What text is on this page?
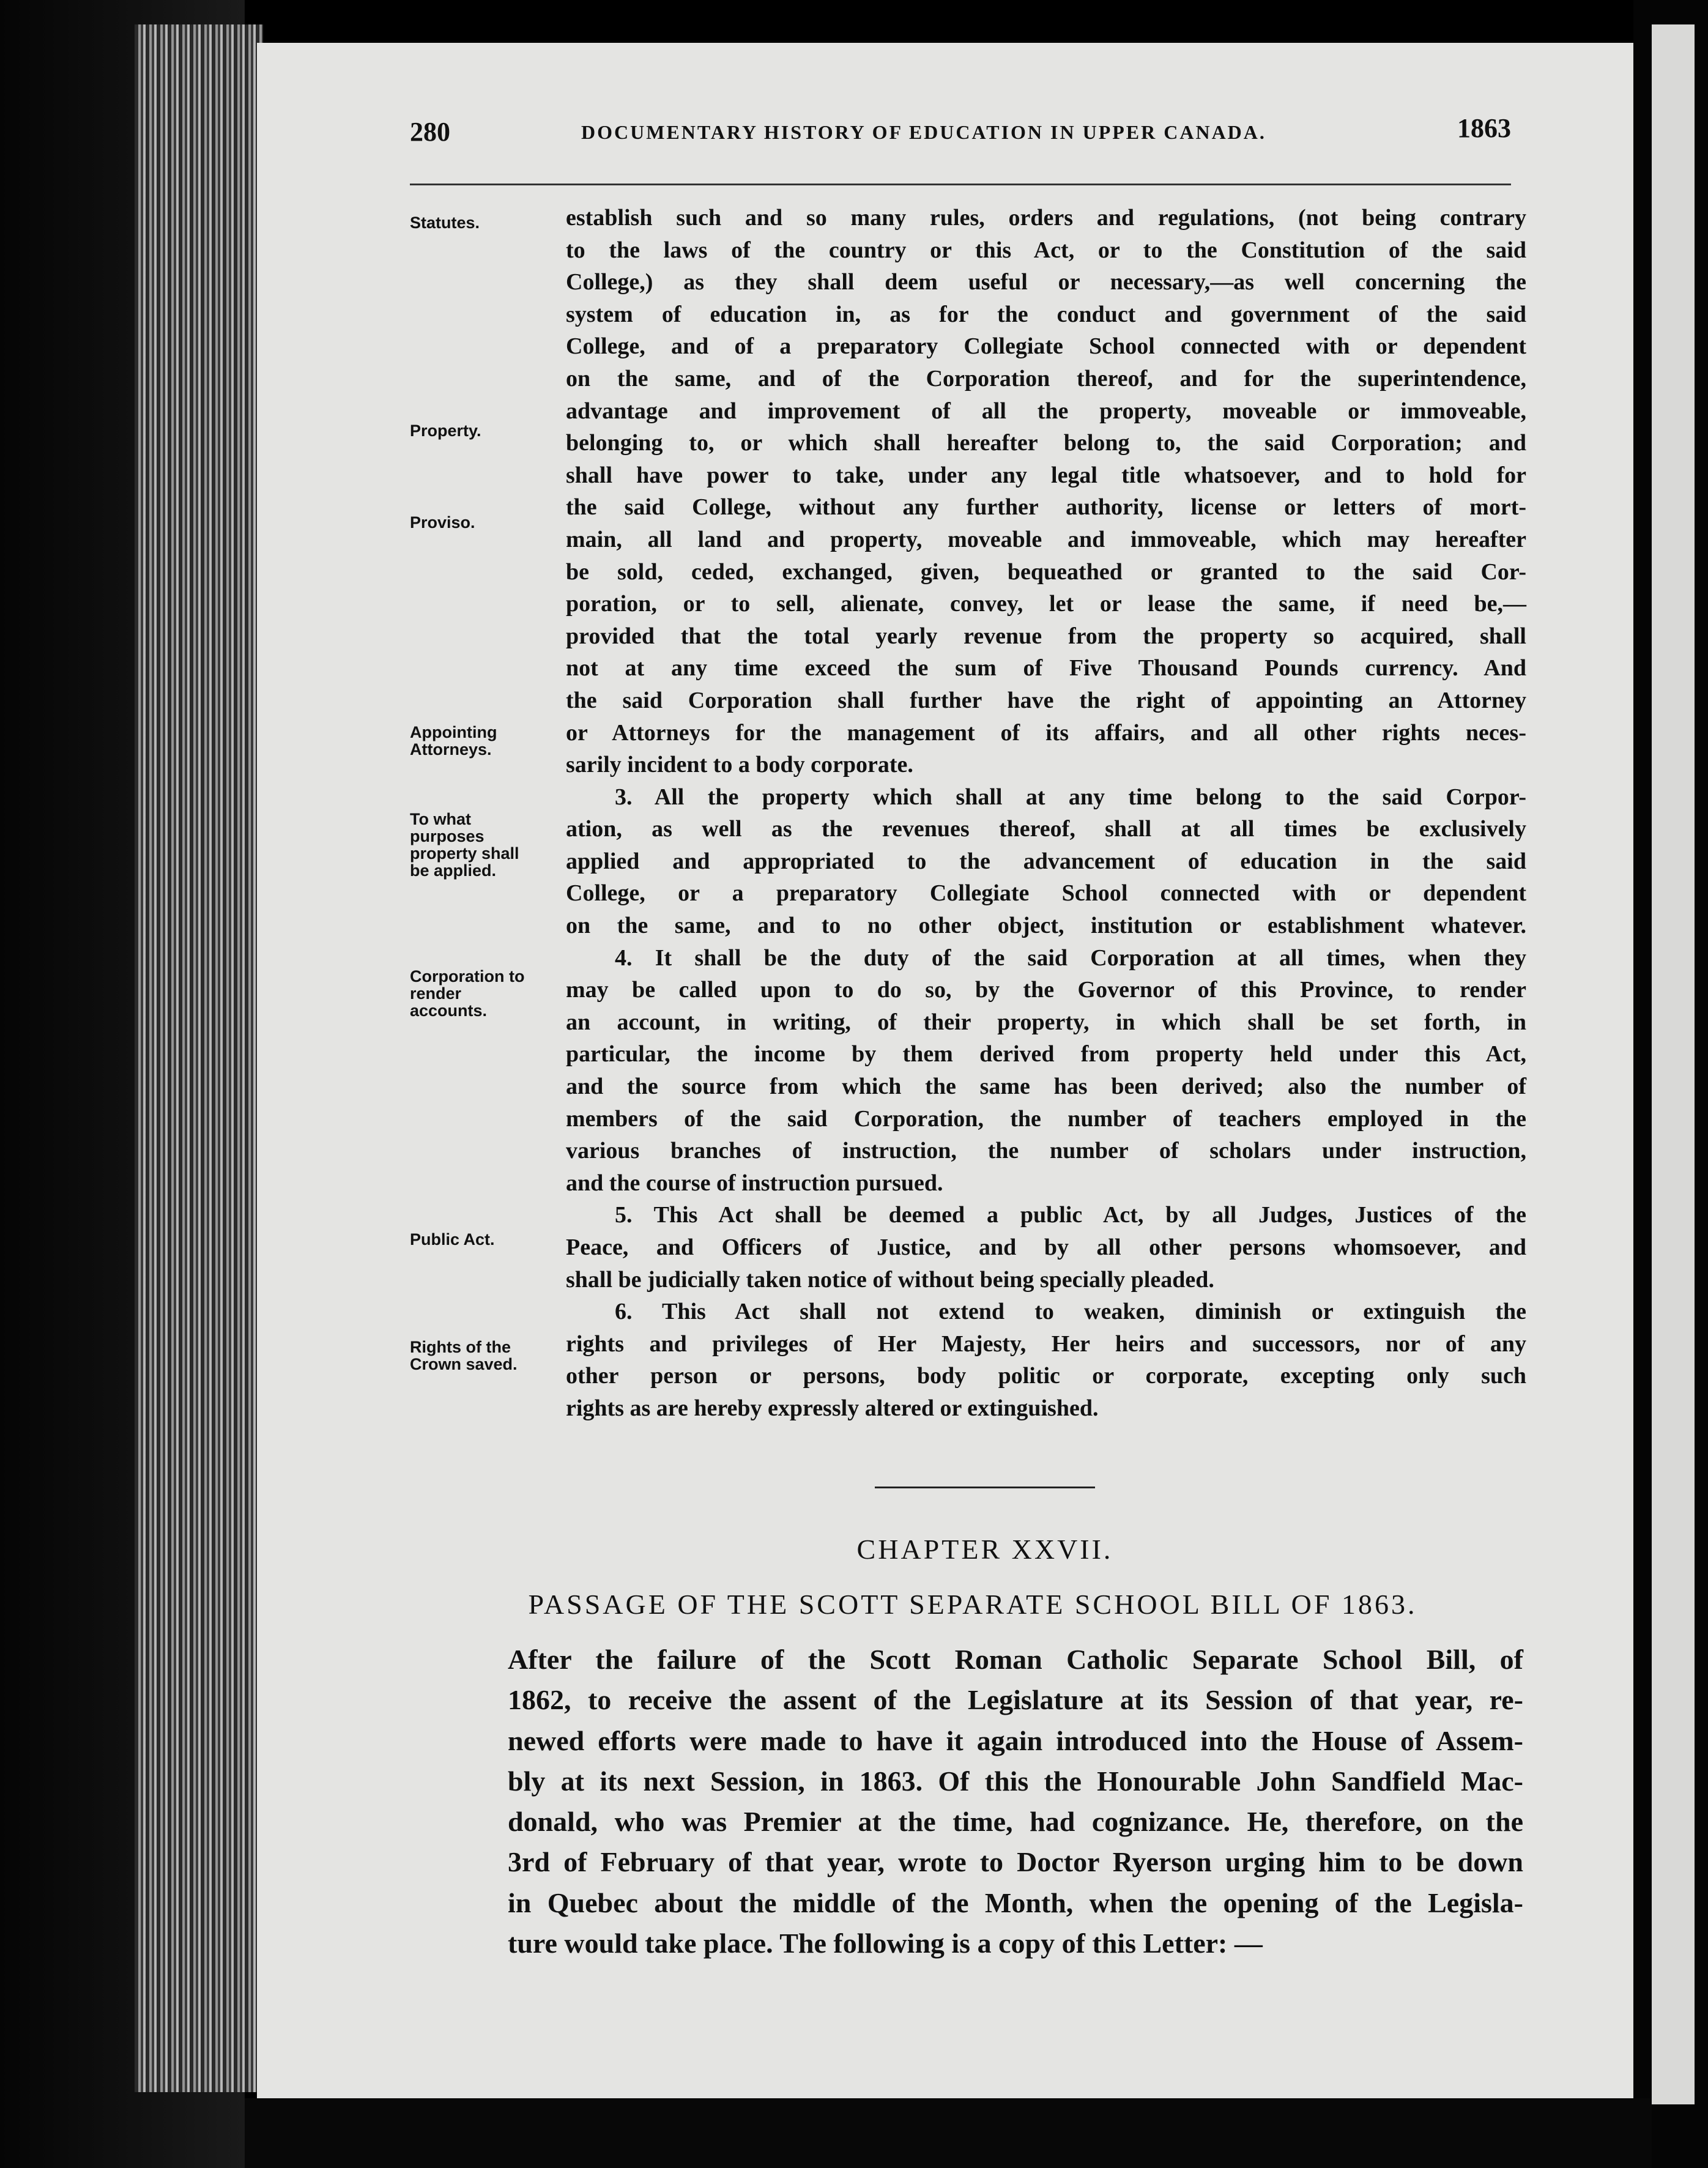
280	DOCUMENTARY HISTORY OF EDUCATION IN UPPER CANADA.	1863
Statutes.
Property.
Proviso.
Appointing Attorneys.
To what purposes property shall be applied.
Corporation to render accounts.
Public Act.
Rights of the Crown saved.
establish such and so many rules, orders and regulations, (not being contrary
to the laws of the country or this Act, or to the Constitution of the said
College,) as they shall deem useful or necessary,—as well concerning the
system of education in, as for the conduct and government of the said
College, and of a preparatory Collegiate School connected with or dependent
on the same, and of the Corporation thereof, and for the superintendence,
advantage and improvement of all the property, moveable or immoveable,
belonging to, or which shall hereafter belong to, the said Corporation; and
shall have power to take, under any legal title whatsoever, and to hold for
the said College, without any further authority, license or letters of mort-
main, all land and property, moveable and immoveable, which may hereafter
be sold, ceded, exchanged, given, bequeathed or granted to the said Cor-
poration, or to sell, alienate, convey, let or lease the same, if need be,—
provided that the total yearly revenue from the property so acquired, shall
not at any time exceed the sum of Five Thousand Pounds currency. And
the said Corporation shall further have the right of appointing an Attorney
or Attorneys for the management of its affairs, and all other rights neces-
sarily incident to a body corporate.
3. All the property which shall at any time belong to the said Corpor-
ation, as well as the revenues thereof, shall at all times be exclusively
applied and appropriated to the advancement of education in the said
College, or a preparatory Collegiate School connected with or dependent
on the same, and to no other object, institution or establishment whatever.
4. It shall be the duty of the said Corporation at all times, when they
may be called upon to do so, by the Governor of this Province, to render
an account, in writing, of their property, in which shall be set forth, in
particular, the income by them derived from property held under this Act,
and the source from which the same has been derived; also the number of
members of the said Corporation, the number of teachers employed in the
various branches of instruction, the number of scholars under instruction,
and the course of instruction pursued.
5. This Act shall be deemed a public Act, by all Judges, Justices of the
Peace, and Officers of Justice, and by all other persons whomsoever, and
shall be judicially taken notice of without being specially pleaded.
6. This Act shall not extend to weaken, diminish or extinguish the
rights and privileges of Her Majesty, Her heirs and successors, nor of any
other person or persons, body politic or corporate, excepting only such
rights as are hereby expressly altered or extinguished.
CHAPTER XXVII.
PASSAGE OF THE SCOTT SEPARATE SCHOOL BILL OF 1863.
After the failure of the Scott Roman Catholic Separate School Bill, of
1862, to receive the assent of the Legislature at its Session of that year, re-
newed efforts were made to have it again introduced into the House of Assem-
bly at its next Session, in 1863. Of this the Honourable John Sandfield Mac-
donald, who was Premier at the time, had cognizance. He, therefore, on the
3rd of February of that year, wrote to Doctor Ryerson urging him to be down
in Quebec about the middle of the Month, when the opening of the Legisla-
ture would take place. The following is a copy of this Letter: —
